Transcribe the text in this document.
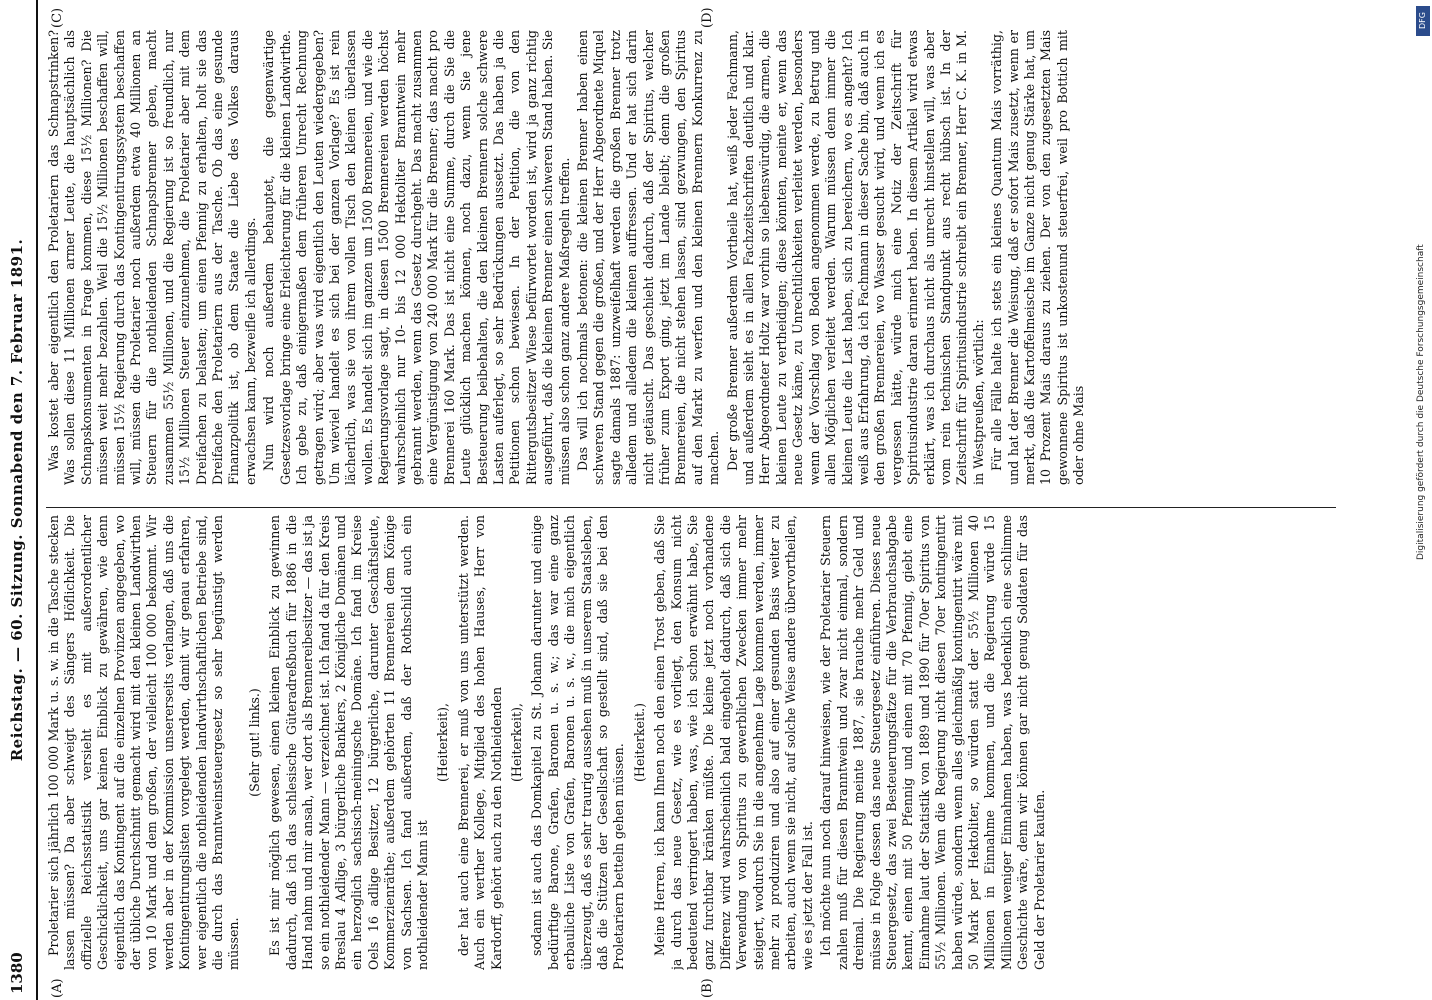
1380
Reichstag. — 60. Sitzung. Sonnabend den 7. Februar 1891.
(A)	(B)
(C)	(D)

Proletarier sich jährlich 100 000 Mark u. s. w. in die Tasche stecken lassen müssen? Da aber schweigt des Sängers Höflichkeit. Die offizielle Reichsstatistik versieht es mit außerordentlicher Geschicklichkeit, uns gar keinen Einblick zu gewähren, wie denn eigentlich das Kontingent auf die einzelnen Provinzen angegeben, wo der übliche Durchschnitt gemacht wird mit den kleinen Landwirthen von 10 Mark und dem großen, der vielleicht 100 000 bekommt. Wir werden aber in der Kommission unsererseits verlangen, daß uns die Kontingentirungslisten vorgelegt werden, damit wir genau erfahren, wer eigentlich die nothleidenden landwirthschaftlichen Betriebe sind, die durch das Branntweinsteuergesetz so sehr begünstigt werden müssen.

(Sehr gut! links.) Es ist mir möglich gewesen, einen kleinen Einblick zu gewinnen dadurch, daß ich das schlesische Güteradreßbuch für 1886 in die Hand nahm und mir ansah, wer dort als Brennereibesitzer — das ist ja so ein nothleidender Mann — verzeichnet ist. Ich fand da für den Kreis Breslau 4 Adlige, 3 bürgerliche Bankiers, 2 Königliche Domänen und ein herzoglich sachsisch-meiningsche Domäne. Ich fand im Kreise Oels 16 adlige Besitzer, 12 bürgerliche, darunter Geschäftsleute, Kommerzienräthe; außerdem gehörten 11 Brennereien dem Könige von Sachsen. Ich fand außerdem, daß der Rothschild auch ein nothleidender Mann ist

(Heiterkeit), der hat auch eine Brennerei, er muß von uns unterstützt werden. Auch ein werther Kollege, Mitglied des hohen Hauses, Herr von Kardorff, gehört auch zu den Nothleidenden (Heiterkeit), sodann ist auch das Domkapitel zu St. Johann darunter und einige bedürftige Barone, Grafen, Baronen u. s. w.; das war eine ganz erbauliche Liste von Grafen, Baronen u. s. w., die mich eigentlich überzeugt, daß es sehr traurig aussehen muß in unserem Staatsleben, daß die Stützen der Gesellschaft so gestellt sind, daß sie bei den Proletariern betteln gehen müssen.

(Heiterkeit.) Meine Herren, ich kann Ihnen noch den einen Trost geben, daß Sie ja durch das neue Gesetz, wie es vorliegt, den Konsum nicht bedeutend verringert haben, was, wie ich schon erwähnt habe, Sie ganz furchtbar kränken müßte. Die kleine jetzt noch vorhandene Differenz wird wahrscheinlich bald eingeholt dadurch, daß sich die Verwendung von Spiritus zu gewerblichen Zwecken immer mehr steigert, wodurch Sie in die angenehme Lage kommen werden, immer mehr zu produziren und also auf einer gesunden Basis weiter zu arbeiten, auch wenn sie nicht, auf solche Weise andere übervortheilen, wie es jetzt der Fall ist. Ich möchte nun noch darauf hinweisen, wie der Proletarier Steuern zahlen muß für diesen Branntwein und zwar nicht einmal, sondern dreimal. Die Regierung meinte 1887, sie brauche mehr Geld und müsse in Folge dessen das neue Steuergesetz einführen. Dieses neue Steuergesetz, das zwei Besteuerungsfätze für die Verbrauchsabgabe kennt, einen mit 50 Pfennig und einen mit 70 Pfennig, giebt eine Einnahme laut der Statistik von 1889 und 1890 für 70er Spiritus von 55½ Millionen. Wenn die Regierung nicht diesen 70er kontingentirt haben würde, sondern wenn alles gleichmäßig kontingentirt wäre mit 50 Mark per Hektoliter, so würden statt der 55½ Millionen 40 Millionen in Einnahme kommen, und die Regierung würde 15 Millionen weniger Einnahmen haben, was bedenklich eine schlimme Geschichte wäre, denn wir können gar nicht genug Soldaten für das Geld der Proletarier kaufen.

Was kostet aber eigentlich den Proletariern das Schnapstrinken? Was sollen diese 11 Millionen armer Leute, die hauptsächlich als Schnapskonsumenten in Frage kommen, diese 15½ Millionen? Die müssen weit mehr bezahlen. Weil die 15½ Millionen beschaffen will, müssen 15½ Regierung durch das Kontingentirungssystem beschaffen will, müssen die Proletarier noch außerdem etwa 40 Millionen an Steuern für die nothleidenden Schnapsbrenner geben, macht zusammen 55½ Millionen, und die Regierung ist so freundlich, nur 15½ Millionen Steuer einzunehmen, die Proletarier aber mit dem Dreifachen zu belasten; um einen Pfennig zu erhalten, holt sie das Dreifache den Proletariern aus der Tasche. Ob das eine gesunde Finanzpolitik ist, ob dem Staate die Liebe des Volkes daraus erwachsen kann, bezweifle ich allerdings. Nun wird noch außerdem behauptet, die gegenwärtige Gesetzesvorlage bringe eine Erleichterung für die kleinen Landwirthe. Ich gebe zu, daß einigermaßen dem früheren Unrecht Rechnung getragen wird; aber was wird eigentlich den Leuten wiedergegeben? Um wieviel handelt es sich bei der ganzen Vorlage? Es ist rein lächerlich, was sie von ihrem vollen Tisch den kleinen überlassen wollen. Es handelt sich im ganzen um 1500 Brennereien, und wie die Regierungsvorlage sagt, in diesen 1500 Brennereien werden höchst wahrscheinlich nur 10- bis 12 000 Hektoliter Branntwein mehr gebrannt werden, wenn das Gesetz durchgeht. Das macht zusammen eine Vergünstigung von 240 000 Mark für die Brenner; das macht pro Brennerei 160 Mark. Das ist nicht eine Summe, durch die Sie die Leute glücklich machen können, noch dazu, wenn Sie jene Besteuerung beibehalten, die den kleinen Brennern solche schwere Lasten auferlegt, so sehr Bedrückungen aussetzt. Das haben ja die Petitionen schon bewiesen. In der Petition, die von den Rittergutsbesitzer Wiese befürwortet worden ist, wird ja ganz richtig ausgeführt, daß die kleinen Brenner einen schweren Stand haben. Sie müssen also schon ganz andere Maßregeln treffen. Das will ich nochmals betonen: die kleinen Brenner haben einen schweren Stand gegen die großen, und der Herr Abgeordnete Miquel sagte damals 1887: unzweifelhaft werden die großen Brenner trotz alledem und alledem die kleinen auffressen. Und er hat sich darin nicht getäuscht. Das geschieht dadurch, daß der Spiritus, welcher früher zum Export ging, jetzt im Lande bleibt; denn die großen Brennereien, die nicht stehen lassen, sind gezwungen, den Spiritus auf den Markt zu werfen und den kleinen Brennern Konkurrenz zu machen. Der große Brenner außerdem Vortheile hat, weiß jeder Fachmann, und außerdem sieht es in allen Fachzeitschriften deutlich und klar. Herr Abgeordneter Holtz war vorhin so liebenswürdig, die armen, die kleinen Leute zu vertheidigen; diese könnten, meinte er, wenn das neue Gesetz käme, zu Unrechtlichkeiten verleitet werden, besonders wenn der Vorschlag von Boden angenommen werde, zu Betrug und allen Möglichen verleitet werden. Warum müssen denn immer die kleinen Leute die Last haben, sich zu bereichern, wo es angeht? Ich weiß aus Erfahrung, da ich Fachmann in dieser Sache bin, daß auch in den großen Brennereien, wo Wasser gesucht wird, und wenn ich es vergessen hätte, würde mich eine Notiz der Zeitschrift für Spiritusindustrie daran erinnert haben. In diesem Artikel wird etwas erklärt, was ich durchaus nicht als unrecht hinstellen will, was aber vom rein technischen Standpunkt aus recht hübsch ist. In der Zeitschrift für Spiritusindustrie schreibt ein Brenner, Herr C. K. in M. in Westpreußen, wörtlich: Für alle Fälle halte ich stets ein kleines Quantum Mais vorräthig, und hat der Brenner die Weisung, daß er sofort Mais zusetzt, wenn er merkt, daß die Kartoffelmeische im Ganze nicht genug Stärke hat, um 10 Prozent Mais daraus zu ziehen. Der von den zugesetzten Mais gewonnene Spiritus ist unkostenund steuerfrei, weil pro Bottich mit oder ohne Mais

DFG
Digitalisierung gefördert durch die Deutsche Forschungsgemeinschaft
